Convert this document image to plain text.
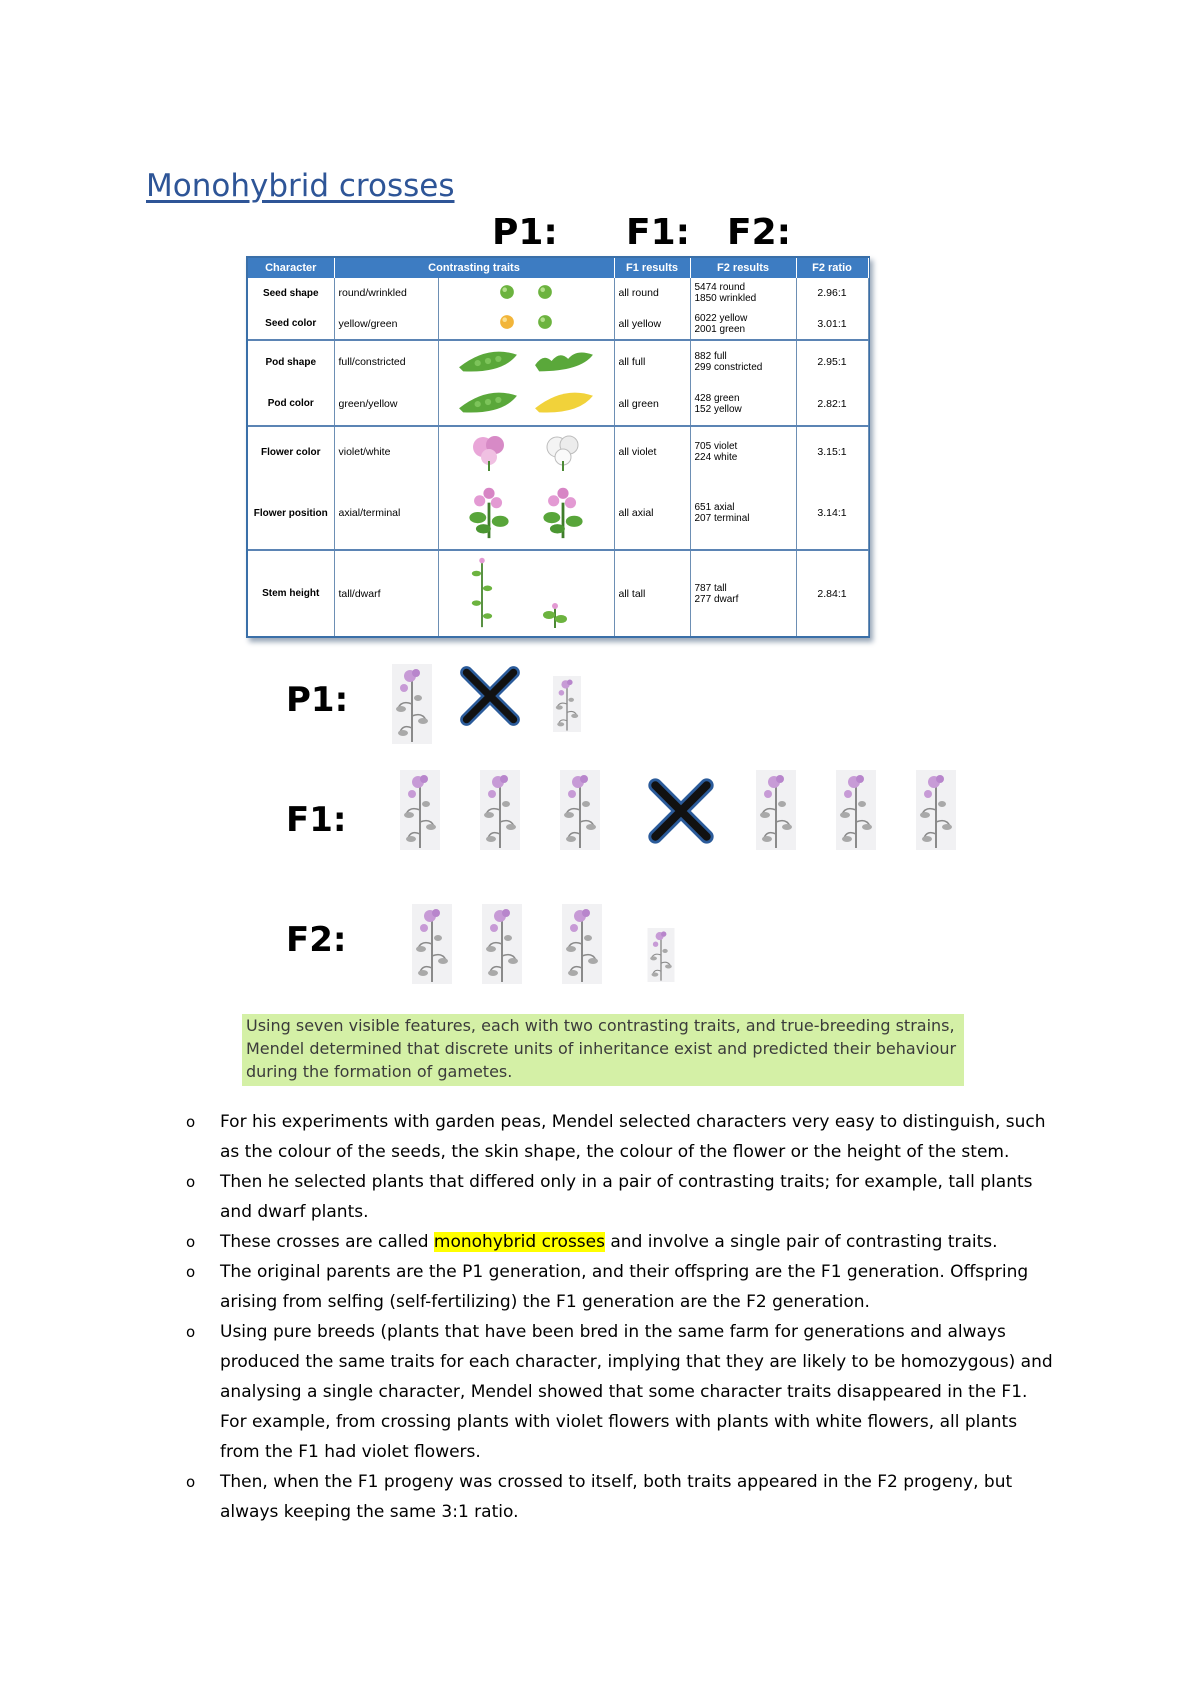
Monohybrid crosses
P1: F1: F2:
Character	Contrasting traits		F1 results	F2 results	F2 ratio
Seed shape	round/wrinkled		all round	5474 round
1850 wrinkled	2.96:1
Seed color	yellow/green		all yellow	6022 yellow
2001 green	3.01:1
Pod shape	full/constricted		all full	882 full
299 constricted	2.95:1
Pod color	green/yellow		all green	428 green
152 yellow	2.82:1
Flower color	violet/white		all violet	705 violet
224 white	3.15:1
Flower position	axial/terminal		all axial	651 axial
207 terminal	3.14:1
Stem height	tall/dwarf		all tall	787 tall
277 dwarf	2.84:1
P1:
F1:
F2:
Using seven visible features, each with two contrasting traits, and true-breeding strains, Mendel determined that discrete units of inheritance exist and predicted their behaviour during the formation of gametes.
o For his experiments with garden peas, Mendel selected characters very easy to distinguish, such as the colour of the seeds, the skin shape, the colour of the flower or the height of the stem.
o Then he selected plants that differed only in a pair of contrasting traits; for example, tall plants and dwarf plants.
o These crosses are called monohybrid crosses and involve a single pair of contrasting traits.
o The original parents are the P1 generation, and their offspring are the F1 generation. Offspring arising from selfing (self-fertilizing) the F1 generation are the F2 generation.
o Using pure breeds (plants that have been bred in the same farm for generations and always produced the same traits for each character, implying that they are likely to be homozygous) and analysing a single character, Mendel showed that some character traits disappeared in the F1. For example, from crossing plants with violet flowers with plants with white flowers, all plants from the F1 had violet flowers.
o Then, when the F1 progeny was crossed to itself, both traits appeared in the F2 progeny, but always keeping the same 3:1 ratio.
